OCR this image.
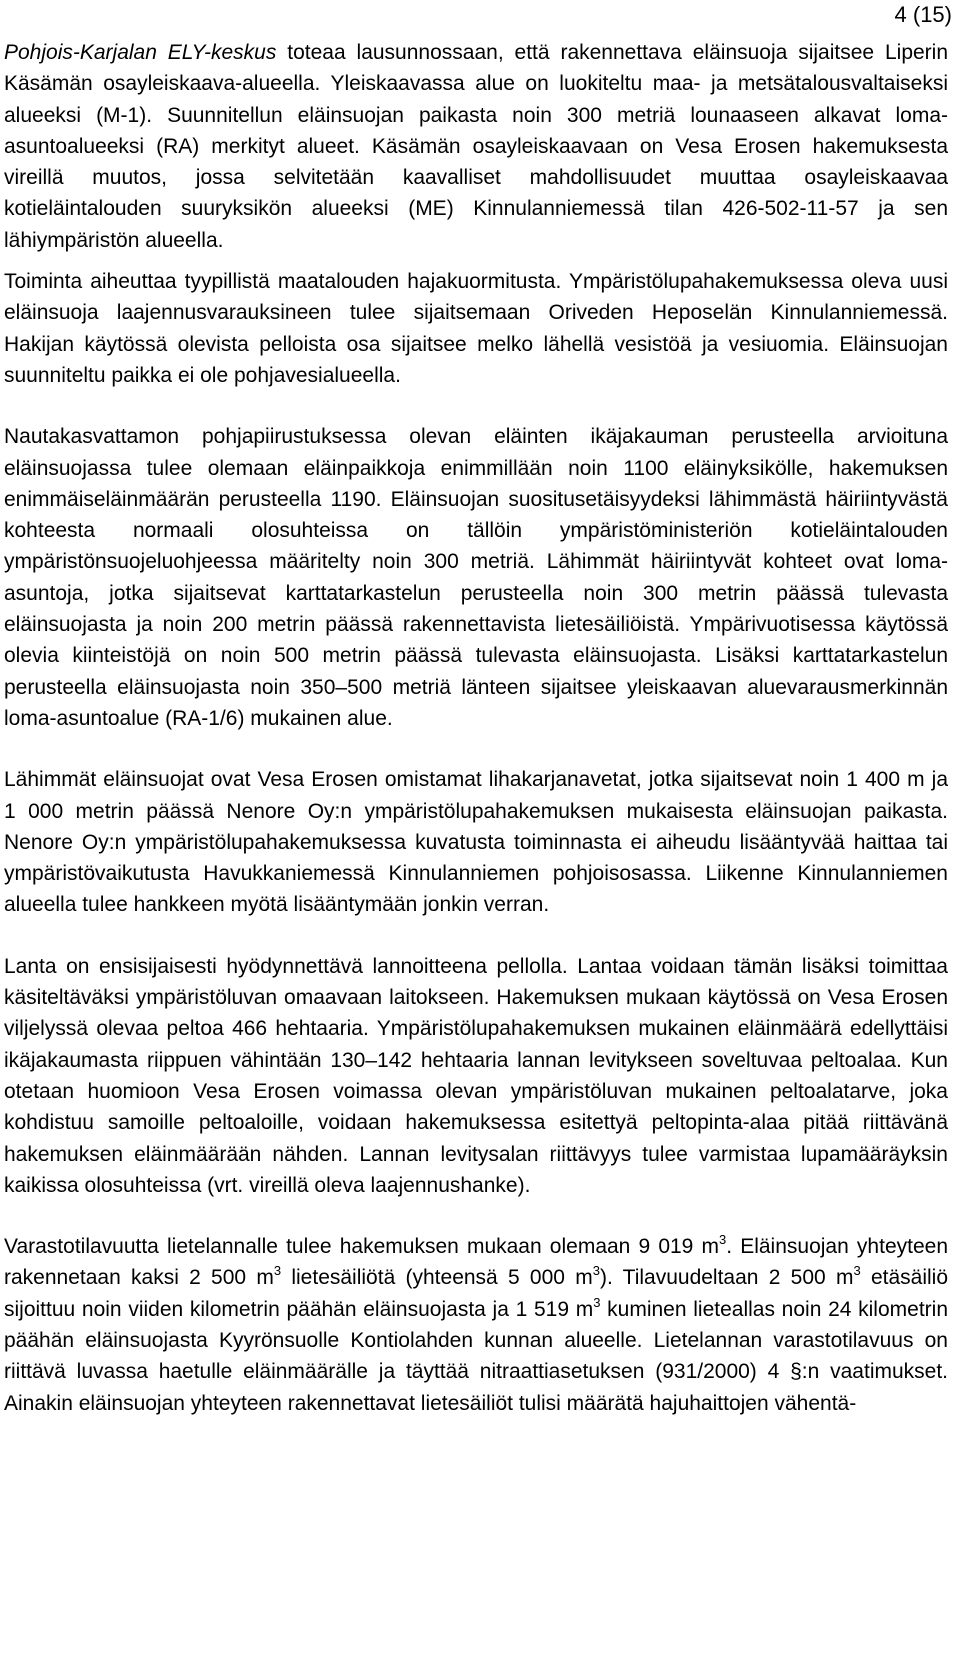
4 (15)

Pohjois-Karjalan ELY-keskus toteaa lausunnossaan, että rakennettava eläinsuoja sijaitsee Liperin Käsämän osayleiskaava-alueella. Yleiskaavassa alue on luokiteltu maa- ja metsätalousvaltaiseksi alueeksi (M-1). Suunnitellun eläinsuojan paikasta noin 300 metriä lounaaseen alkavat loma-asuntoalueeksi (RA) merkityt alueet. Käsämän osayleiskaavaan on Vesa Erosen hakemuksesta vireillä muutos, jossa selvitetään kaavalliset mahdollisuudet muuttaa osayleiskaavaa kotieläintalouden suuryksikön alueeksi (ME) Kinnulanniemessä tilan 426-502-11-57 ja sen lähiympäristön alueella.

Toiminta aiheuttaa tyypillistä maatalouden hajakuormitusta. Ympäristölupahakemuksessa oleva uusi eläinsuoja laajennusvarauksineen tulee sijaitsemaan Oriveden Heposelän Kinnulanniemessä. Hakijan käytössä olevista pelloista osa sijaitsee melko lähellä vesistöä ja vesiuomia. Eläinsuojan suunniteltu paikka ei ole pohjavesialueella.

Nautakasvattamon pohjapiirustuksessa olevan eläinten ikäjakauman perusteella arvioituna eläinsuojassa tulee olemaan eläinpaikkoja enimmillään noin 1100 eläinyksikölle, hakemuksen enimmäiseläinmäärän perusteella 1190. Eläinsuojan suositusetäisyydeksi lähimmästä häiriintyvästä kohteesta normaali olosuhteissa on tällöin ympäristöministeriön kotieläintalouden ympäristönsuojeluohjeessa määritelty noin 300 metriä. Lähimmät häiriintyvät kohteet ovat loma-asuntoja, jotka sijaitsevat karttatarkastelun perusteella noin 300 metrin päässä tulevasta eläinsuojasta ja noin 200 metrin päässä rakennettavista lietesäiliöistä. Ympärivuotisessa käytössä olevia kiinteistöjä on noin 500 metrin päässä tulevasta eläinsuojasta. Lisäksi karttatarkastelun perusteella eläinsuojasta noin 350–500 metriä länteen sijaitsee yleiskaavan aluevarausmerkinnän loma-asuntoalue (RA-1/6) mukainen alue.

Lähimmät eläinsuojat ovat Vesa Erosen omistamat lihakarjanavetat, jotka sijaitsevat noin 1 400 m ja 1 000 metrin päässä Nenore Oy:n ympäristölupahakemuksen mukaisesta eläinsuojan paikasta. Nenore Oy:n ympäristölupahakemuksessa kuvatusta toiminnasta ei aiheudu lisääntyvää haittaa tai ympäristövaikutusta Havukkaniemessä Kinnulanniemen pohjoisosassa. Liikenne Kinnulanniemen alueella tulee hankkeen myötä lisääntymään jonkin verran.

Lanta on ensisijaisesti hyödynnettävä lannoitteena pellolla. Lantaa voidaan tämän lisäksi toimittaa käsiteltäväksi ympäristöluvan omaavaan laitokseen. Hakemuksen mukaan käytössä on Vesa Erosen viljelyssä olevaa peltoa 466 hehtaaria. Ympäristölupahakemuksen mukainen eläinmäärä edellyttäisi ikäjakaumasta riippuen vähintään 130–142 hehtaaria lannan levitykseen soveltuvaa peltoalaa. Kun otetaan huomioon Vesa Erosen voimassa olevan ympäristöluvan mukainen peltoalatarve, joka kohdistuu samoille peltoaloille, voidaan hakemuksessa esitettyä peltopinta-alaa pitää riittävänä hakemuksen eläinmäärään nähden. Lannan levitysalan riittävyys tulee varmistaa lupamääräyksin kaikissa olosuhteissa (vrt. vireillä oleva laajennushanke).

Varastotilavuutta lietelannalle tulee hakemuksen mukaan olemaan 9 019 $m^3$. Eläinsuojan yhteyteen rakennetaan kaksi 2 500 $m^3$ lietesäiliötä (yhteensä 5 000 $m^3$). Tilavuudeltaan 2 500 $m^3$ etäsäiliö sijoittuu noin viiden kilometrin päähän eläinsuojasta ja 1 519 $m^3$ kuminen lieteallas noin 24 kilometrin päähän eläinsuojasta Kyyrönsuolle Kontiolahden kunnan alueelle. Lietelannan varastotilavuus on riittävä luvassa haetulle eläinmäärälle ja täyttää nitraattiasetuksen (931/2000) 4 §:n vaatimukset. Ainakin eläinsuojan yhteyteen rakennettavat lietesäiliöt tulisi määrätä hajuhaittojen vähentä-
